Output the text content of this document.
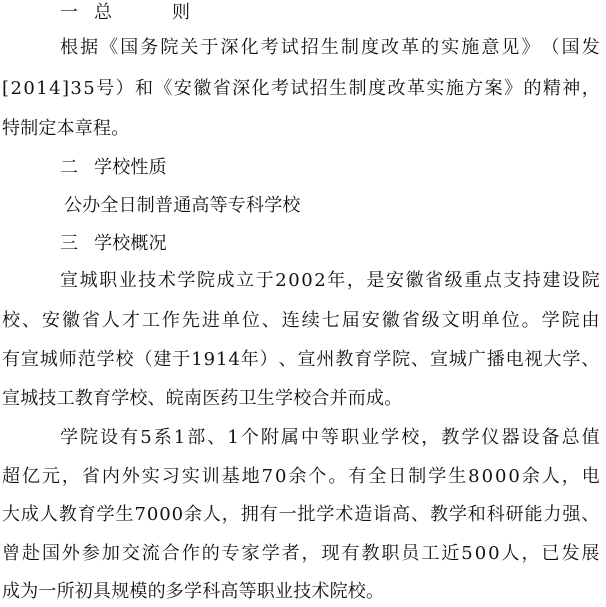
一 总　　则
根 据 《 国 务 院 关 于 深 化 考 试 招 生 制 度 改 革 的 实 施 意 见 》 （ 国 发
[ 2 0 1 4 ] 3 5 号 ） 和 《 安 徽 省 深 化 考 试 招 生 制 度 改 革 实 施 方 案 》 的 精 神 ，
特制定本章程。
二 学校性质
公办全日制普通高等专科学校
三 学校概况
宣 城 职 业 技 术 学 院 成 立 于 2 0 0 2 年 ， 是 安 徽 省 级 重 点 支 持 建 设 院
校 、 安 徽 省 人 才 工 作 先 进 单 位 、 连 续 七 届 安 徽 省 级 文 明 单 位 。 学 院 由
有 宣 城 师 范 学 校 （ 建 于 1 9 1 4 年 ） 、 宣 州 教 育 学 院 、 宣 城 广 播 电 视 大 学 、
宣城技工教育学校、皖南医药卫生学校合并而成。
学 院 设 有 5 系 1 部 、 1 个 附 属 中 等 职 业 学 校 ， 教 学 仪 器 设 备 总 值
超 亿 元 ， 省 内 外 实 习 实 训 基 地 7 0 余 个 。 有 全 日 制 学 生 8 0 0 0 余 人 ， 电
大 成 人 教 育 学 生 7 0 0 0 余 人 ， 拥 有 一 批 学 术 造 诣 高 、 教 学 和 科 研 能 力 强 、
曾 赴 国 外 参 加 交 流 合 作 的 专 家 学 者 ， 现 有 教 职 员 工 近 5 0 0 人 ， 已 发 展
成为一所初具规模的多学科高等职业技术院校。
